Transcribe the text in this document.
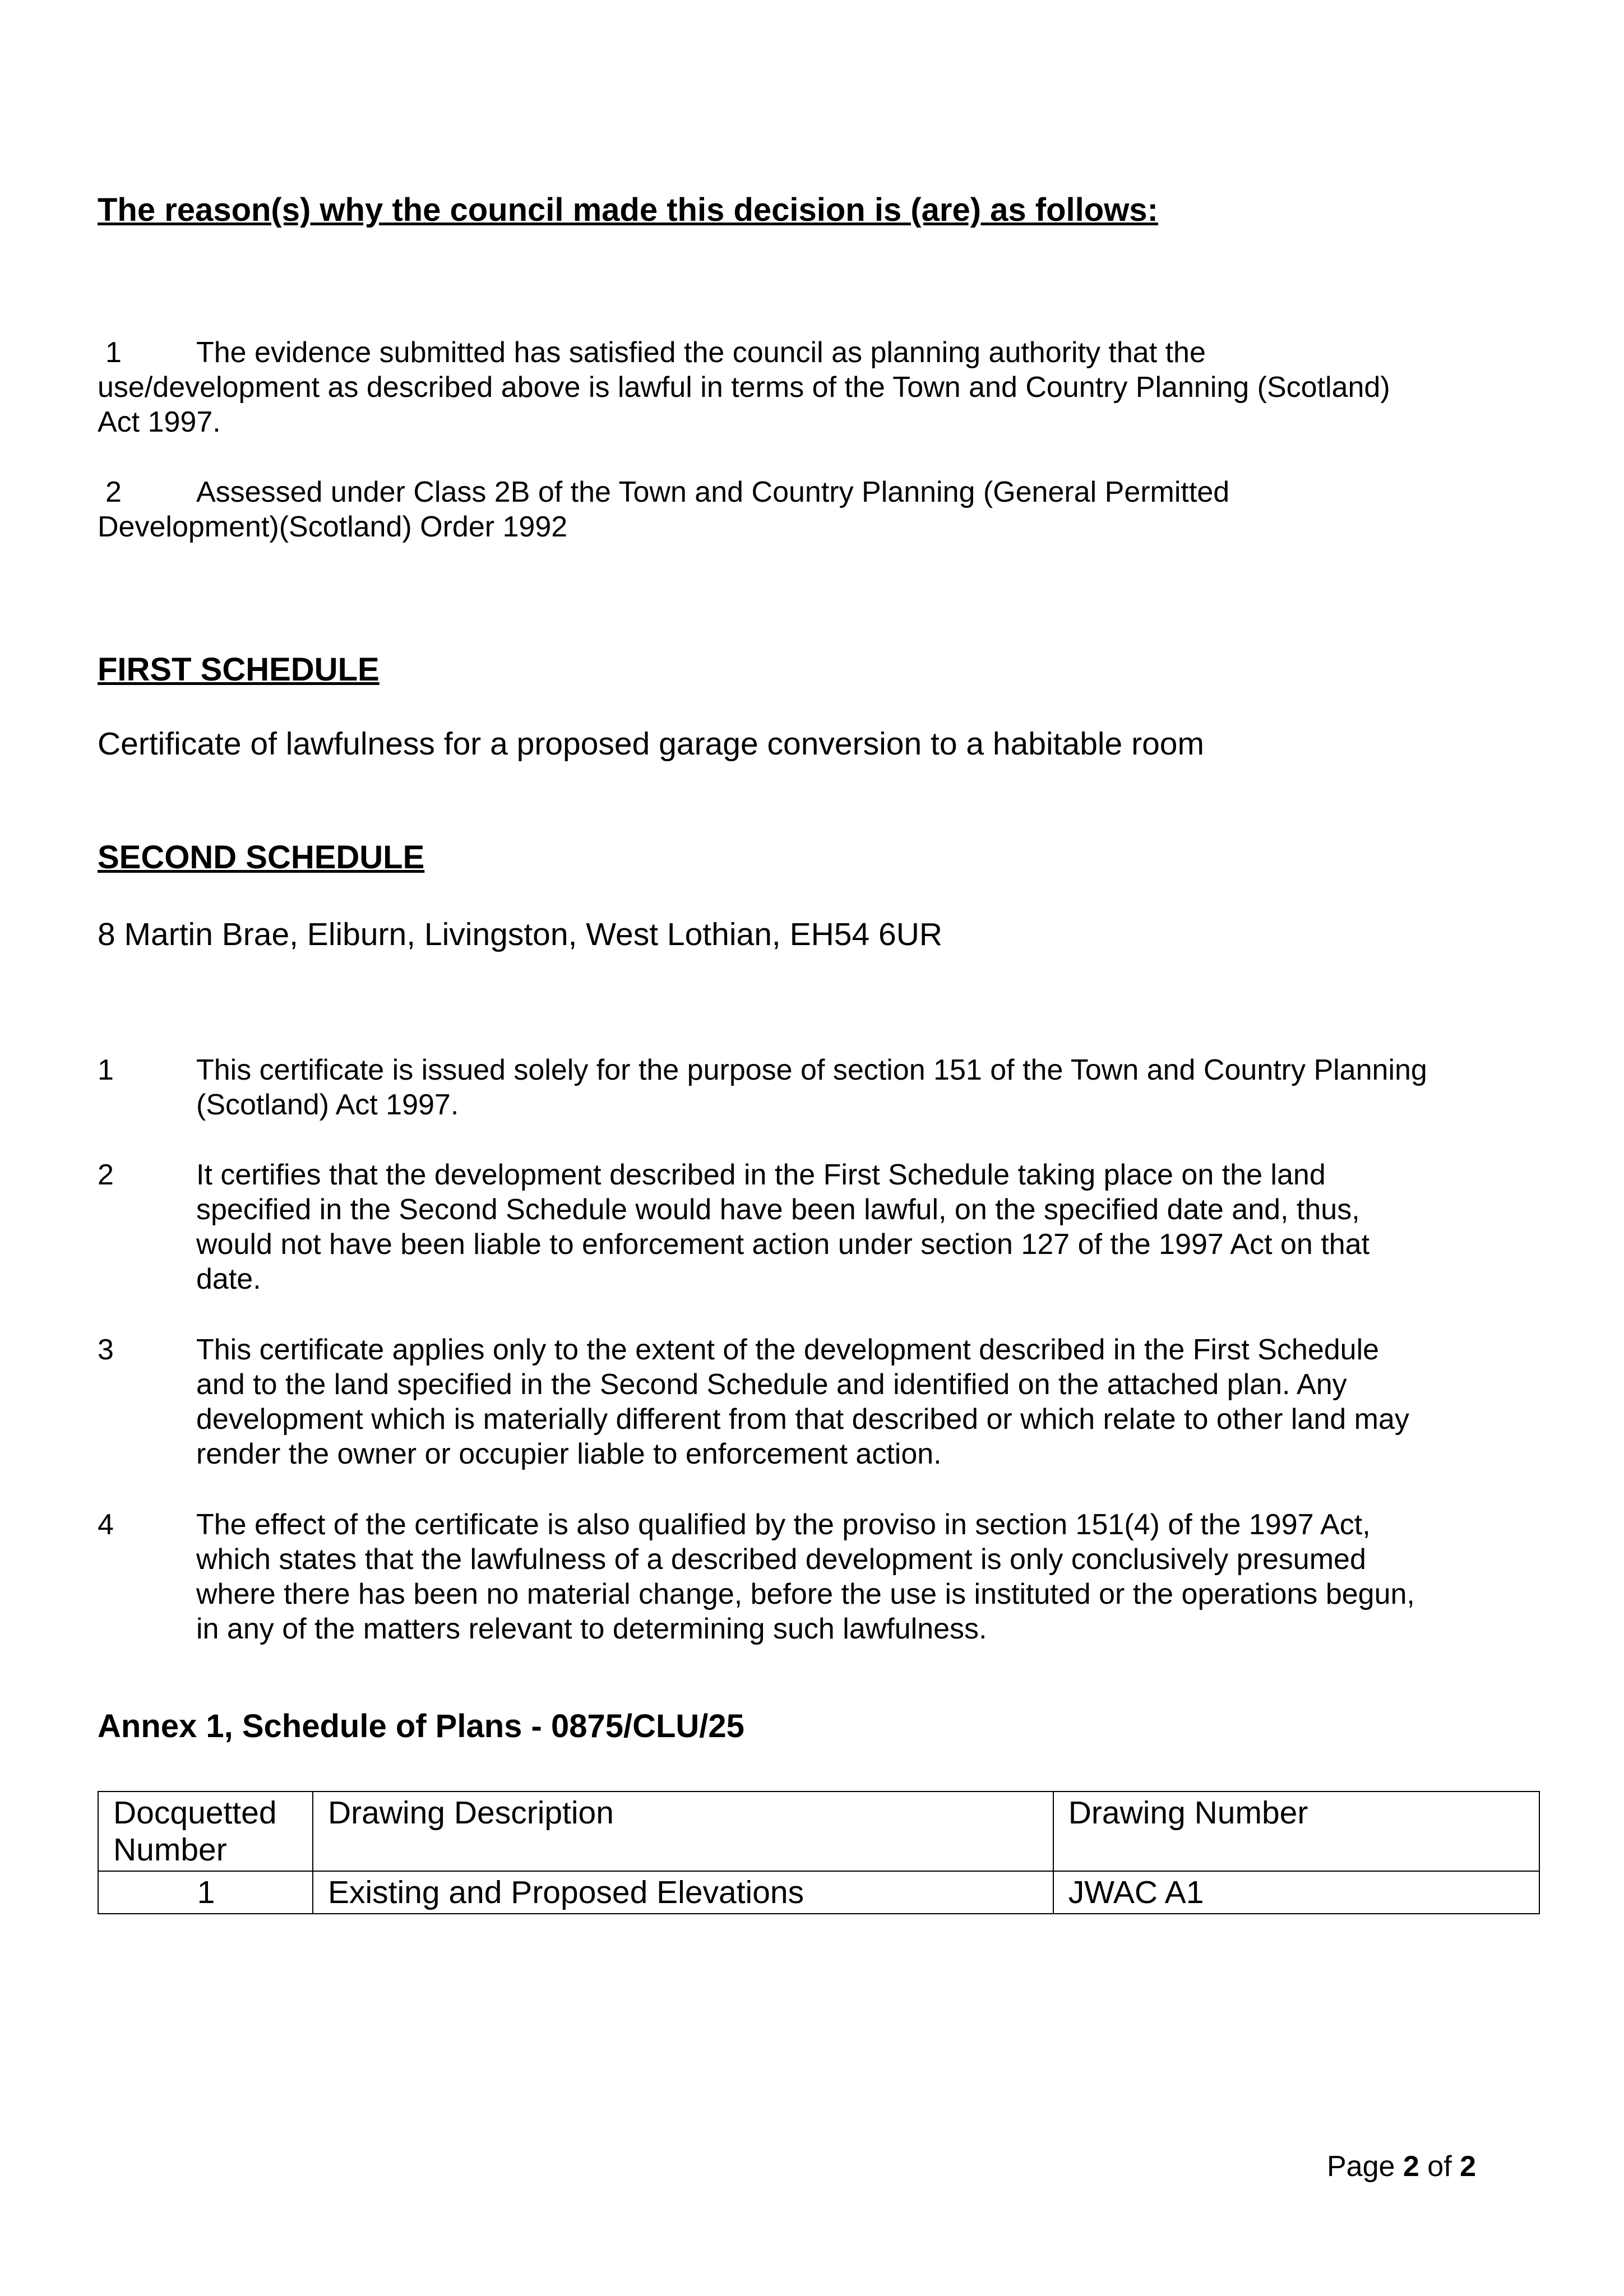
The reason(s) why the council made this decision is (are) as follows:
1	The evidence submitted has satisfied the council as planning authority that the
use/development as described above is lawful in terms of the Town and Country Planning (Scotland)
Act 1997.
2	Assessed under Class 2B of the Town and Country Planning (General Permitted
Development)(Scotland) Order 1992
FIRST SCHEDULE
Certificate of lawfulness for a proposed garage conversion to a habitable room
SECOND SCHEDULE
8 Martin Brae, Eliburn, Livingston, West Lothian, EH54 6UR
1	This certificate is issued solely for the purpose of section 151 of the Town and Country Planning
(Scotland) Act 1997.
2	It certifies that the development described in the First Schedule taking place on the land
specified in the Second Schedule would have been lawful, on the specified date and, thus,
would not have been liable to enforcement action under section 127 of the 1997 Act on that
date.
3	This certificate applies only to the extent of the development described in the First Schedule
and to the land specified in the Second Schedule and identified on the attached plan. Any
development which is materially different from that described or which relate to other land may
render the owner or occupier liable to enforcement action.
4	The effect of the certificate is also qualified by the proviso in section 151(4) of the 1997 Act,
which states that the lawfulness of a described development is only conclusively presumed
where there has been no material change, before the use is instituted or the operations begun,
in any of the matters relevant to determining such lawfulness.
Annex 1, Schedule of Plans - 0875/CLU/25
Docquetted
Number	Drawing Description	Drawing Number
1	Existing and Proposed Elevations	JWAC A1
Page 2 of 2
